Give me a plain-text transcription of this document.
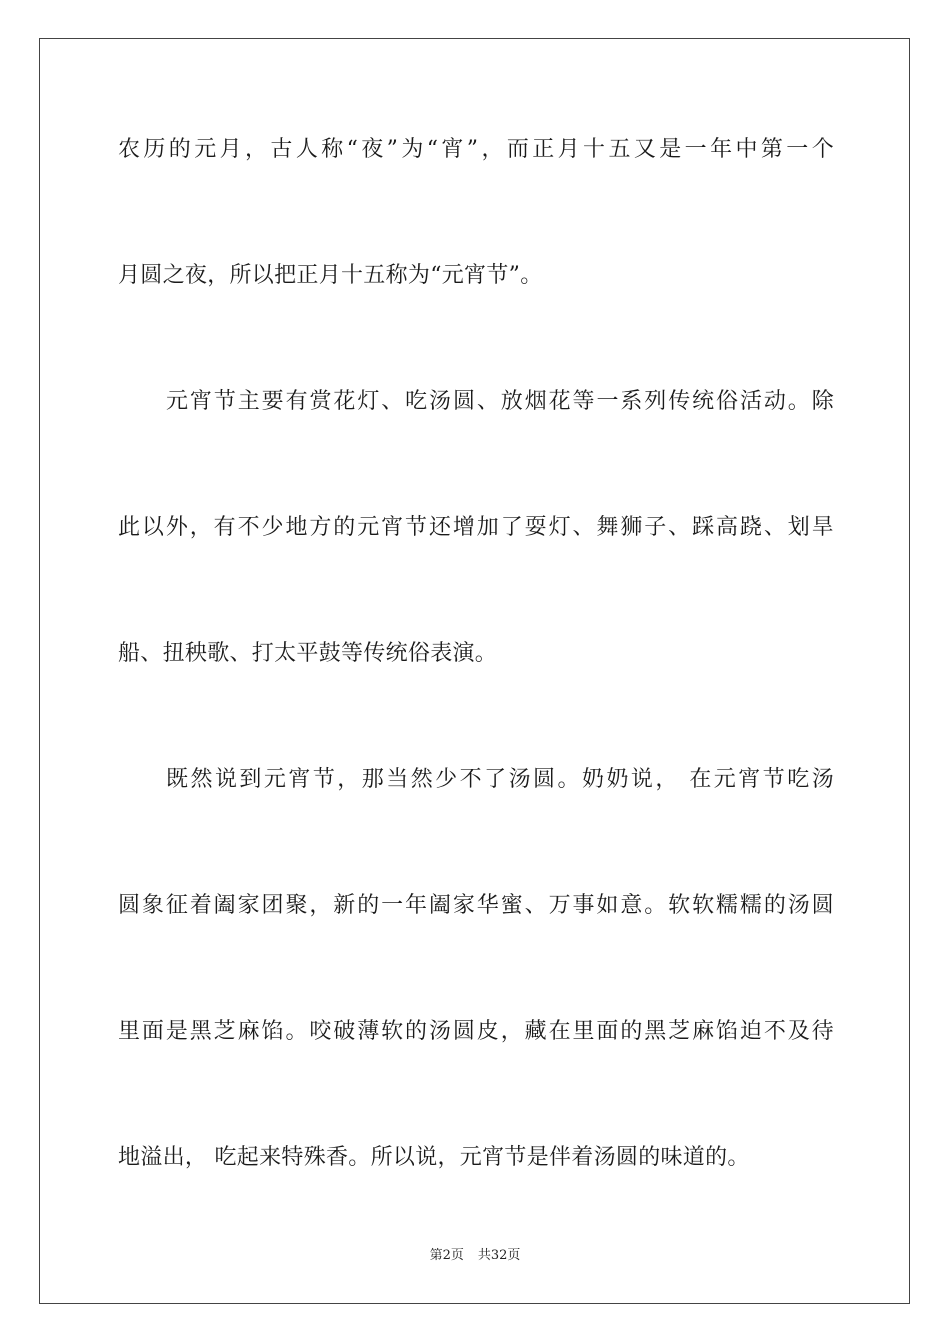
农历的元月，古人称“夜”为“宵”，而正月十五又是一年中第一个
月圆之夜，所以把正月十五称为“元宵节”。
元宵节主要有赏花灯、吃汤圆、放烟花等一系列传统俗活动。除
此以外，有不少地方的元宵节还增加了耍灯、舞狮子、踩高跷、划旱
船、扭秧歌、打太平鼓等传统俗表演。
既然说到元宵节，那当然少不了汤圆。奶奶说， 在元宵节吃汤
圆象征着阖家团聚，新的一年阖家华蜜、万事如意。软软糯糯的汤圆
里面是黑芝麻馅。咬破薄软的汤圆皮，藏在里面的黑芝麻馅迫不及待
地溢出， 吃起来特殊香。所以说，元宵节是伴着汤圆的味道的。
第2页 共32页
